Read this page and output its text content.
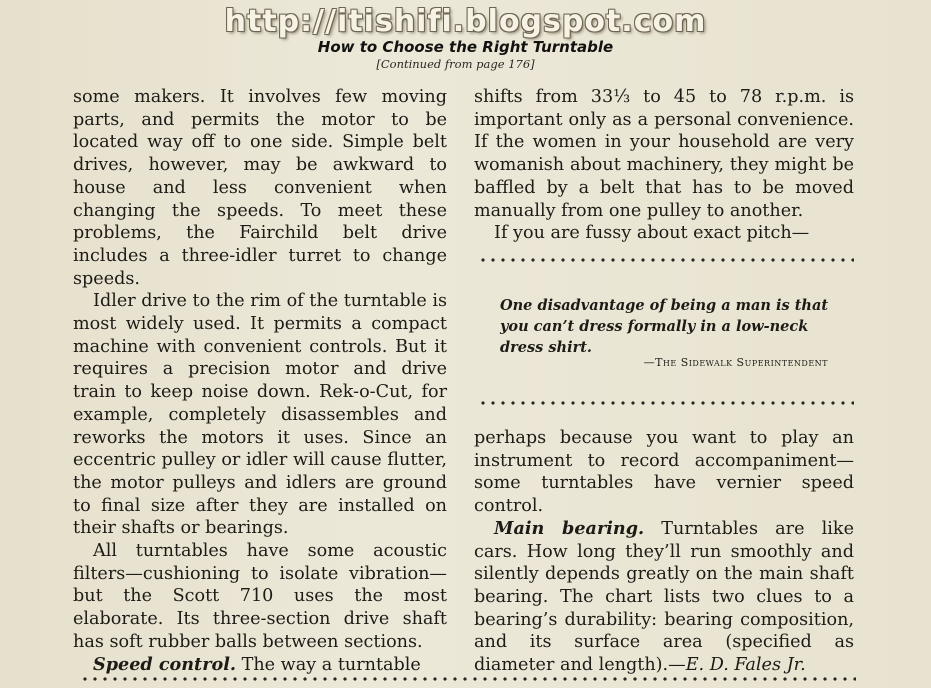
http://itishifi.blogspot.com
How to Choose the Right Turntable
[Continued from page 176]

some makers. It involves few moving parts, and permits the motor to be located way off to one side. Simple belt drives, however, may be awkward to house and less convenient when changing the speeds. To meet these problems, the Fairchild belt drive includes a three-idler turret to change speeds.

Idler drive to the rim of the turntable is most widely used. It permits a compact machine with convenient controls. But it requires a precision motor and drive train to keep noise down. Rek-o-Cut, for example, completely disassembles and reworks the motors it uses. Since an eccentric pulley or idler will cause flutter, the motor pulleys and idlers are ground to final size after they are installed on their shafts or bearings.

All turntables have some acoustic filters—cushioning to isolate vibration—but the Scott 710 uses the most elaborate. Its three-section drive shaft has soft rubber balls between sections.

Speed control. The way a turntable

shifts from 33⅓ to 45 to 78 r.p.m. is important only as a personal convenience. If the women in your household are very womanish about machinery, they might be baffled by a belt that has to be moved manually from one pulley to another.

If you are fussy about exact pitch—

One disadvantage of being a man is that you can’t dress formally in a low-neck dress shirt.

—The Sidewalk Superintendent

perhaps because you want to play an instrument to record accompaniment—some turntables have vernier speed control.

Main bearing. Turntables are like cars. How long they’ll run smoothly and silently depends greatly on the main shaft bearing. The chart lists two clues to a bearing’s durability: bearing composition, and its surface area (specified as diameter and length).—E. D. Fales Jr.
